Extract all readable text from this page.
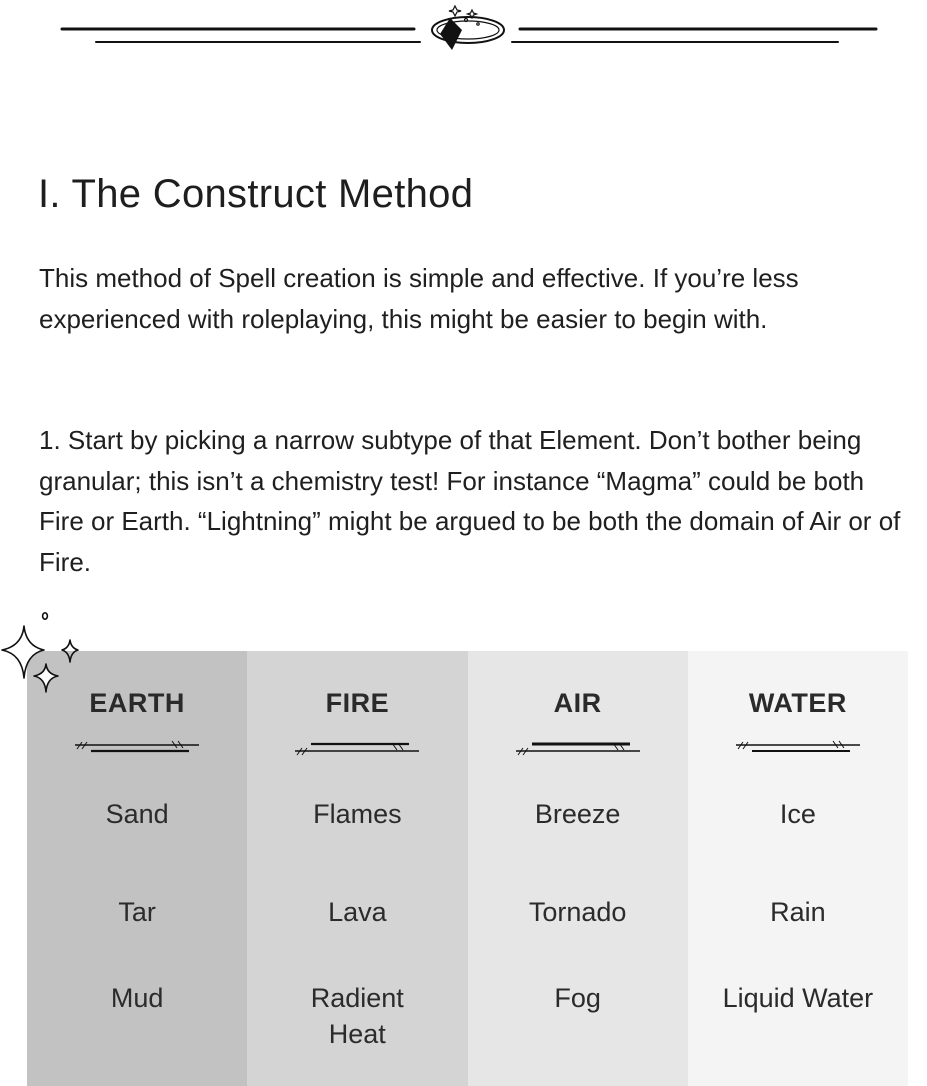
I. The Construct Method

This method of Spell creation is simple and effective. If you’re less experienced with roleplaying, this might be easier to begin with.

1. Start by picking a narrow subtype of that Element. Don’t bother being granular; this isn’t a chemistry test! For instance “Magma” could be both Fire or Earth. “Lightning” might be argued to be both the domain of Air or of Fire.

EARTH
Sand
Tar
Mud
FIRE
Flames
Lava
Radient Heat
AIR
Breeze
Tornado
Fog
WATER
Ice
Rain
Liquid Water
